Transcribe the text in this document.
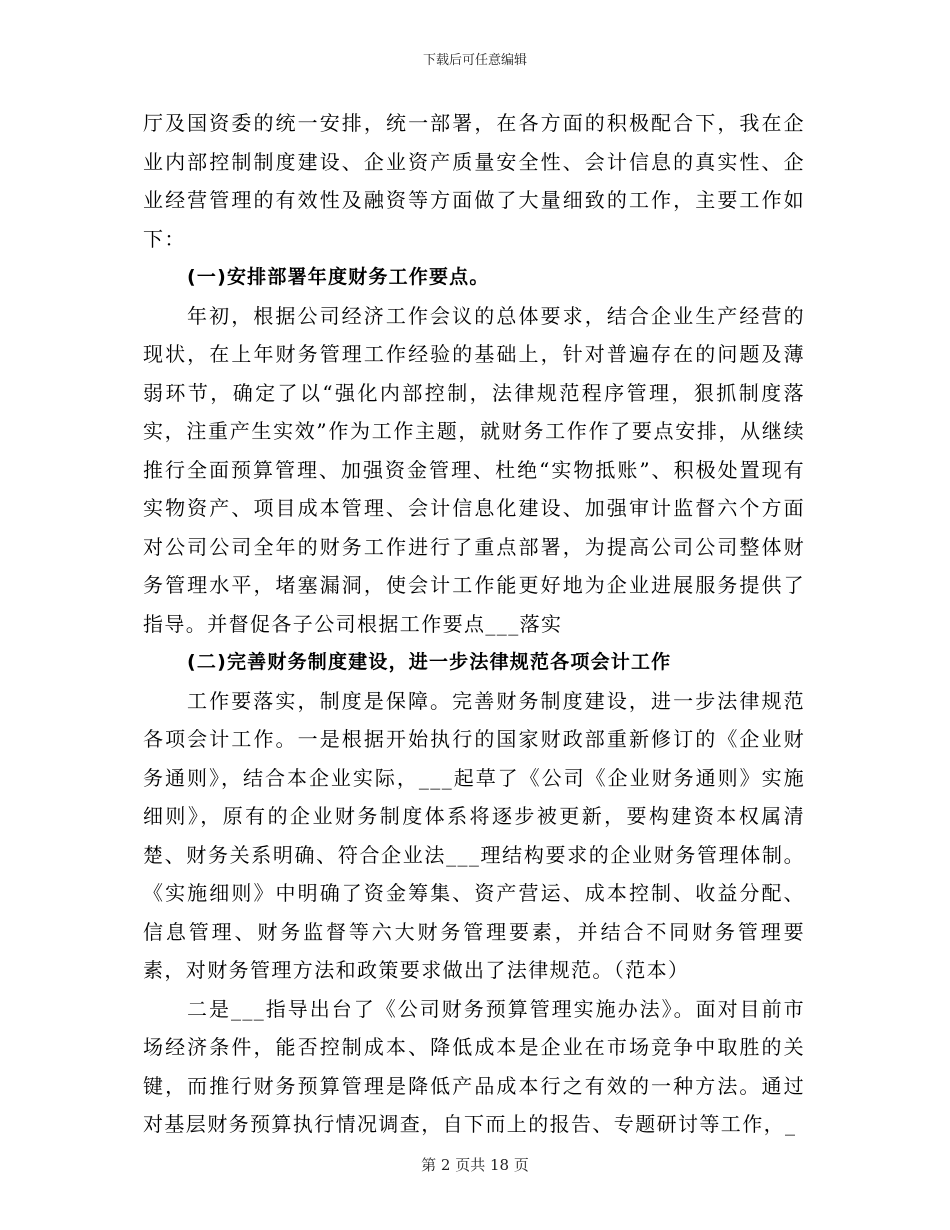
下载后可任意编辑

厅及国资委的统一安排，统一部署，在各方面的积极配合下，我在企业内部控制制度建设、企业资产质量安全性、会计信息的真实性、企业经营管理的有效性及融资等方面做了大量细致的工作，主要工作如下：

(一)安排部署年度财务工作要点。

年初，根据公司经济工作会议的总体要求，结合企业生产经营的现状，在上年财务管理工作经验的基础上，针对普遍存在的问题及薄弱环节，确定了以“强化内部控制，法律规范程序管理，狠抓制度落实，注重产生实效”作为工作主题，就财务工作作了要点安排，从继续推行全面预算管理、加强资金管理、杜绝“实物抵账”、积极处置现有实物资产、项目成本管理、会计信息化建设、加强审计监督六个方面对公司公司全年的财务工作进行了重点部署，为提高公司公司整体财务管理水平，堵塞漏洞，使会计工作能更好地为企业进展服务提供了指导。并督促各子公司根据工作要点___落实

(二)完善财务制度建设，进一步法律规范各项会计工作

工作要落实，制度是保障。完善财务制度建设，进一步法律规范各项会计工作。一是根据开始执行的国家财政部重新修订的《企业财务通则》，结合本企业实际，___起草了《公司《企业财务通则》实施细则》，原有的企业财务制度体系将逐步被更新，要构建资本权属清楚、财务关系明确、符合企业法___理结构要求的企业财务管理体制。《实施细则》中明确了资金筹集、资产营运、成本控制、收益分配、信息管理、财务监督等六大财务管理要素，并结合不同财务管理要素，对财务管理方法和政策要求做出了法律规范。（范本）

二是___指导出台了《公司财务预算管理实施办法》。面对目前市场经济条件，能否控制成本、降低成本是企业在市场竞争中取胜的关键，而推行财务预算管理是降低产品成本行之有效的一种方法。通过对基层财务预算执行情况调查，自下而上的报告、专题研讨等工作，_

第 2 页共 18 页
